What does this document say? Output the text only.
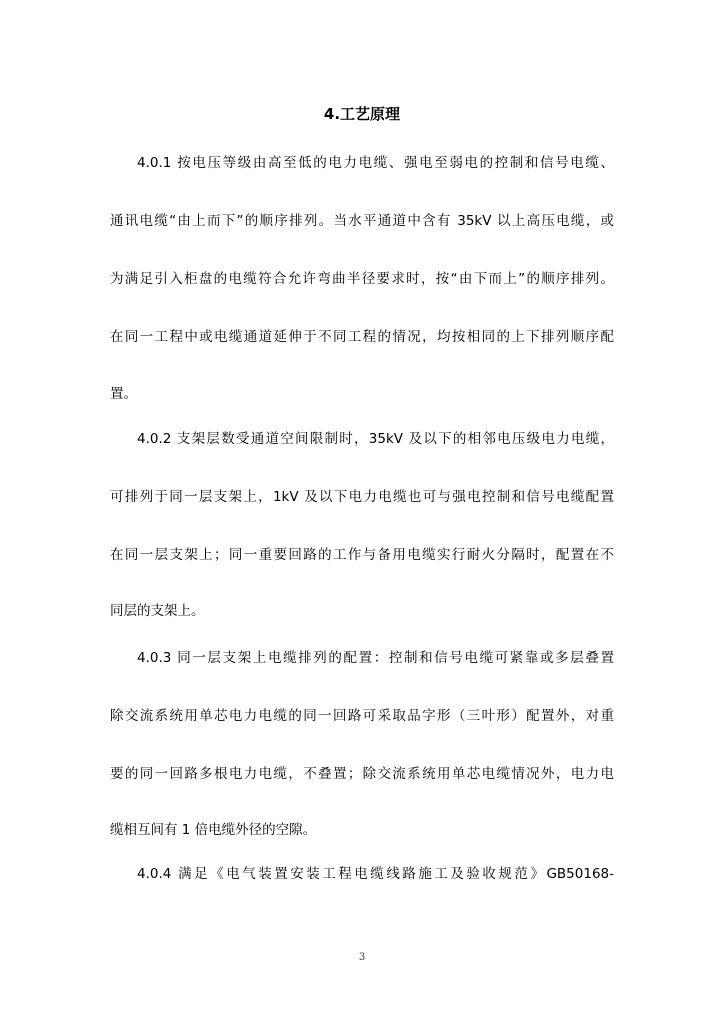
4.工艺原理
4.0.1 按电压等级由高至低的电力电缆、强电至弱电的控制和信号电缆、
通讯电缆“由上而下”的顺序排列。当水平通道中含有 35kV 以上高压电缆，或
为满足引入柜盘的电缆符合允许弯曲半径要求时，按“由下而上”的顺序排列。
在同一工程中或电缆通道延伸于不同工程的情况，均按相同的上下排列顺序配
置。
4.0.2 支架层数受通道空间限制时，35kV 及以下的相邻电压级电力电缆，
可排列于同一层支架上，1kV 及以下电力电缆也可与强电控制和信号电缆配置
在同一层支架上；同一重要回路的工作与备用电缆实行耐火分隔时，配置在不
同层的支架上。
4.0.3 同一层支架上电缆排列的配置：控制和信号电缆可紧靠或多层叠置
除交流系统用单芯电力电缆的同一回路可采取品字形（三叶形）配置外，对重
要的同一回路多根电力电缆，不叠置；除交流系统用单芯电缆情况外，电力电
缆相互间有 1 倍电缆外径的空隙。
4.0.4 满足《电气装置安装工程电缆线路施工及验收规范》GB50168-
3
